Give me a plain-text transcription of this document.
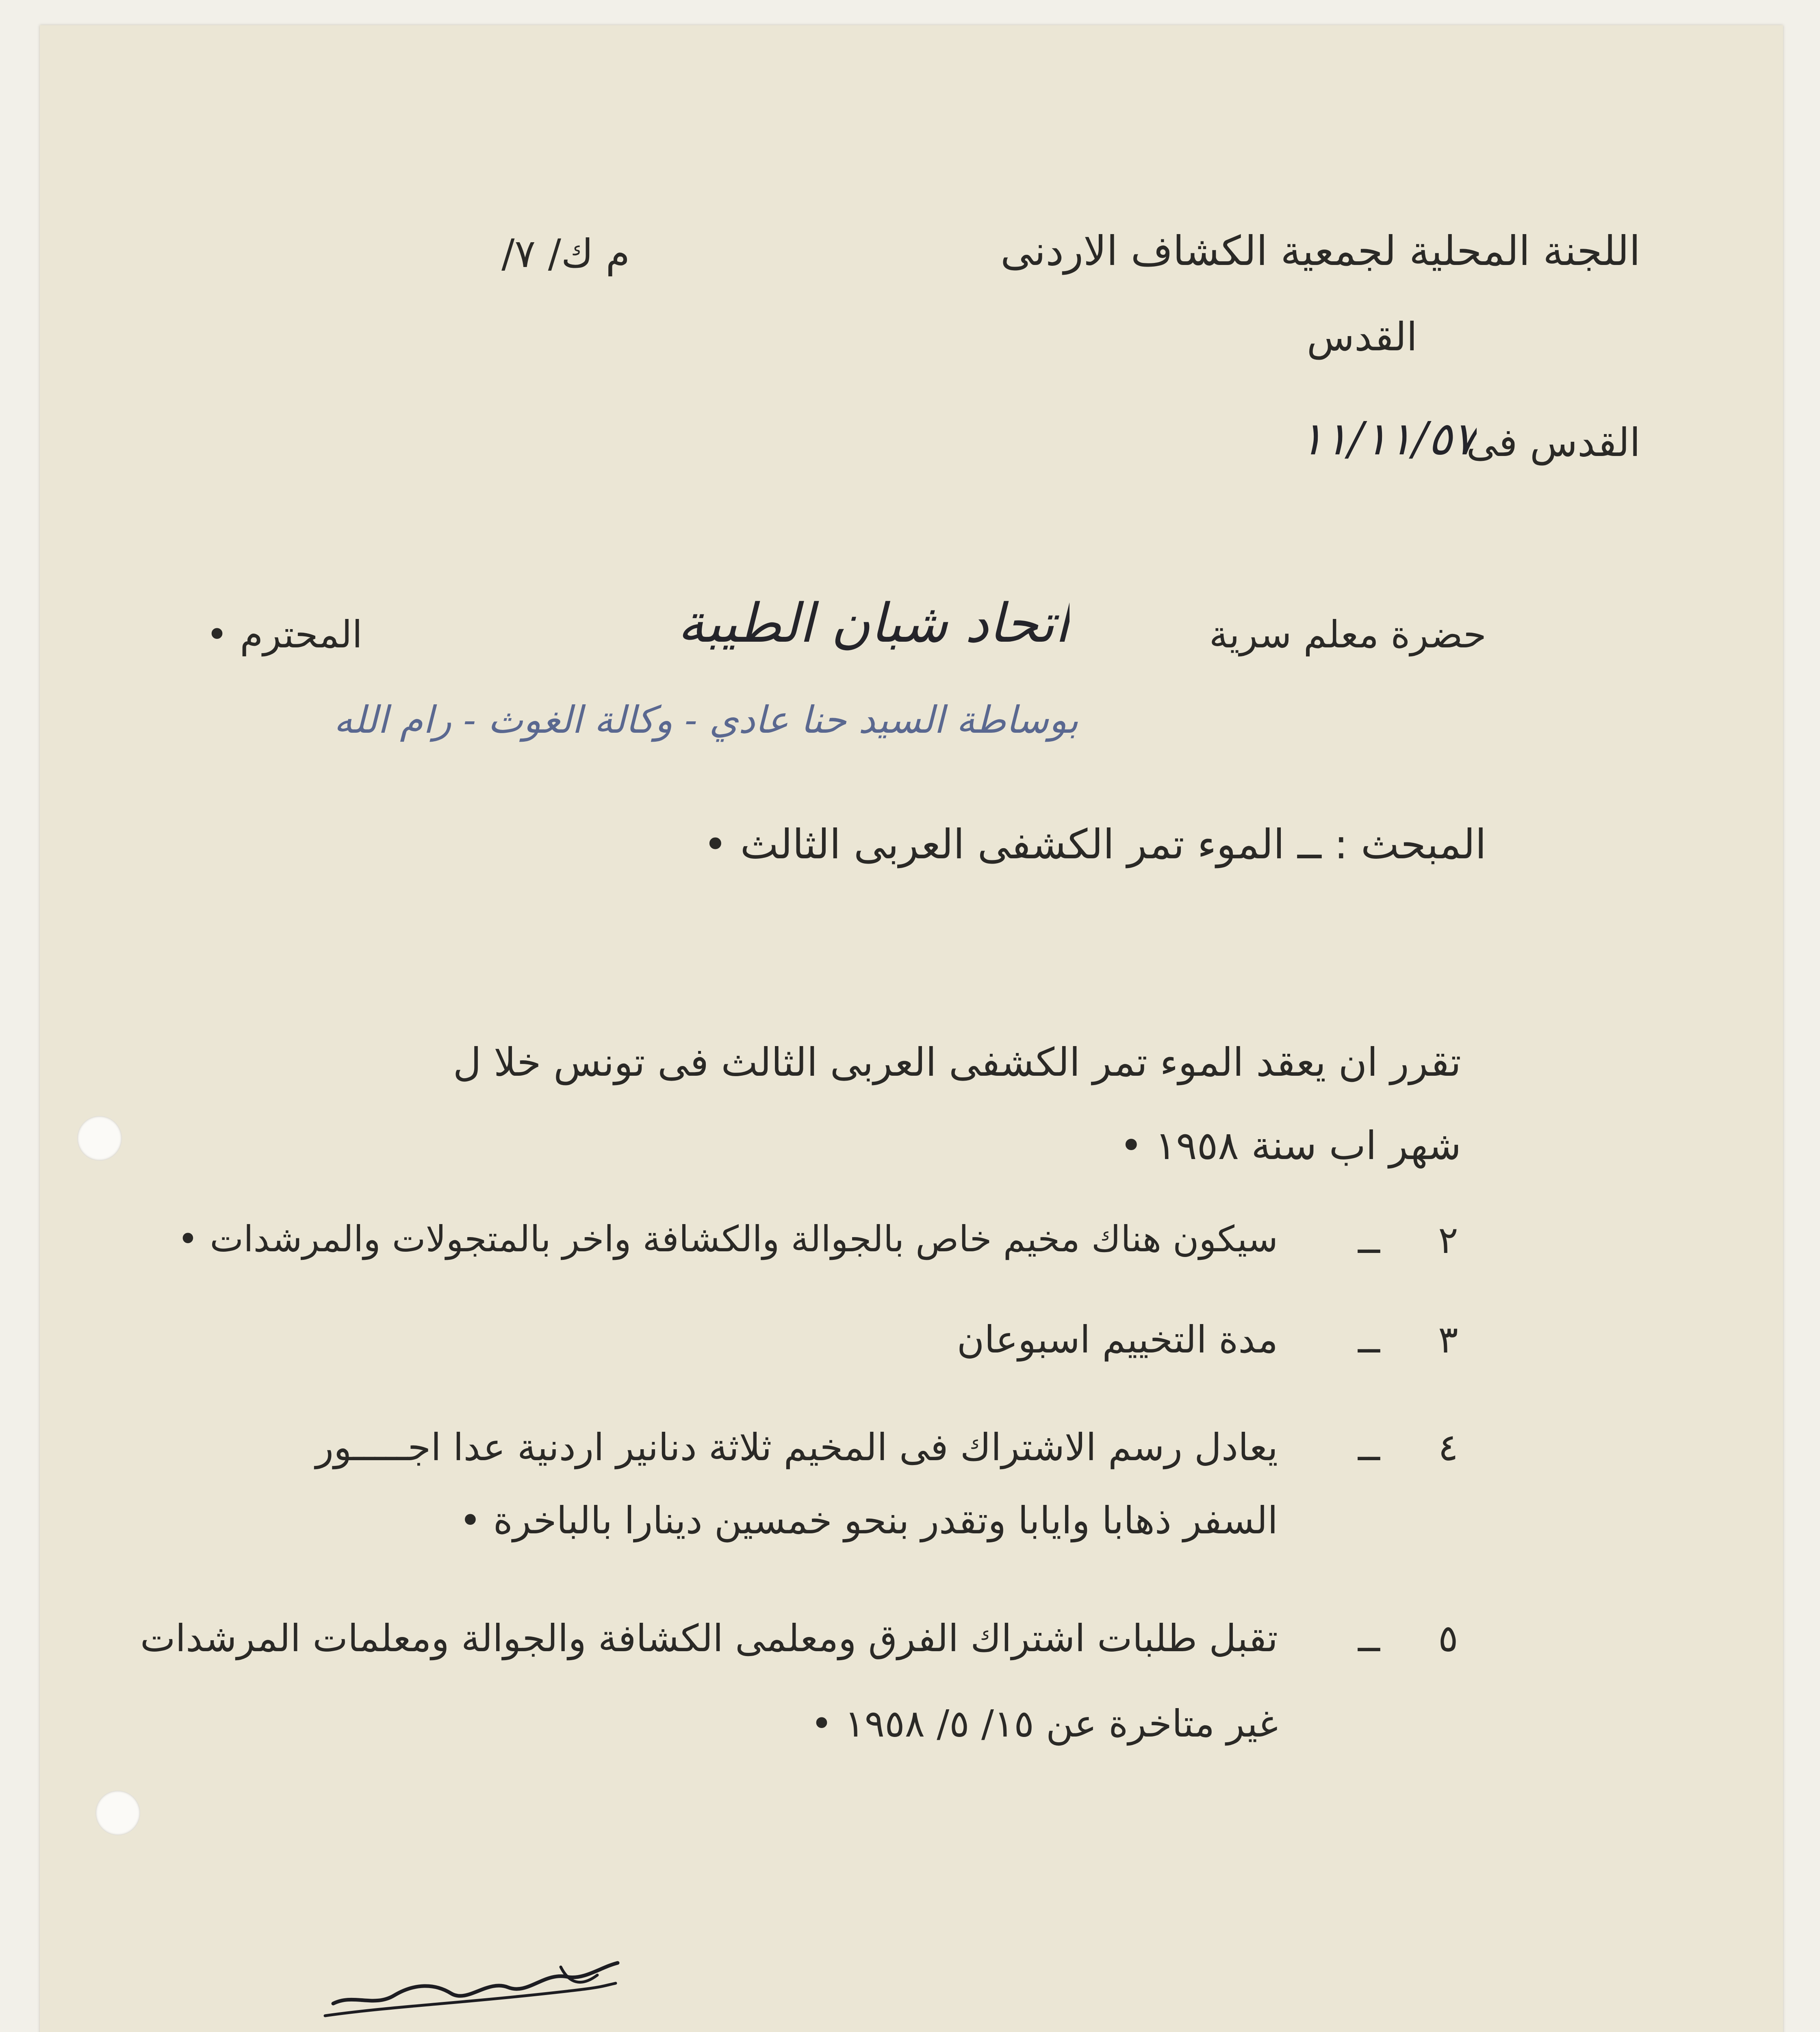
اللجنة المحلية لجمعية الكشاف الاردنى
م ك/ ٧/
القدس
القدس فى
١١/١١/٥٧
حضرة معلم سرية
اتحاد شبان الطيبة
المحترم •
بوساطة السيد حنا عادي - وكالة الغوث - رام الله
المبحث : ــ الموء تمر الكشفى العربى الثالث •
تقرر ان يعقد الموء تمر الكشفى العربى الثالث فى تونس خلا ل
شهر اب سنة ١٩٥٨ •
٢
ــ
سيكون هناك مخيم خاص بالجوالة والكشافة واخر بالمتجولات والمرشدات •
٣
ــ
مدة التخييم اسبوعان
٤
ــ
يعادل رسم الاشتراك فى المخيم ثلاثة دنانير اردنية عدا اجـــــور
السفر ذهابا وايابا وتقدر بنحو خمسين دينارا بالباخرة •
٥
ــ
تقبل طلبات اشتراك الفرق ومعلمى الكشافة والجوالة ومعلمات المرشدات
غير متاخرة عن ١٥/ ٥/ ١٩٥٨ •
